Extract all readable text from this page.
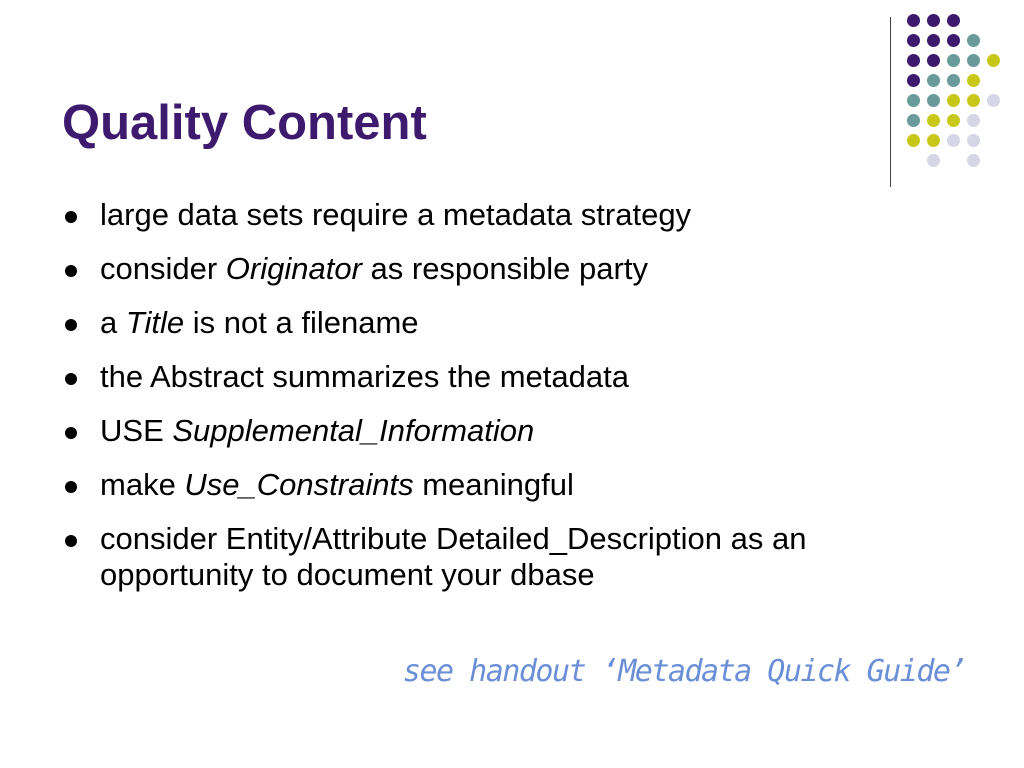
Quality Content
large data sets require a metadata strategy
consider Originator as responsible party
a Title is not a filename
the Abstract summarizes the metadata
USE Supplemental_Information
make Use_Constraints meaningful
consider Entity/Attribute Detailed_Description as an opportunity to document your dbase
see handout ‘Metadata Quick Guide’
